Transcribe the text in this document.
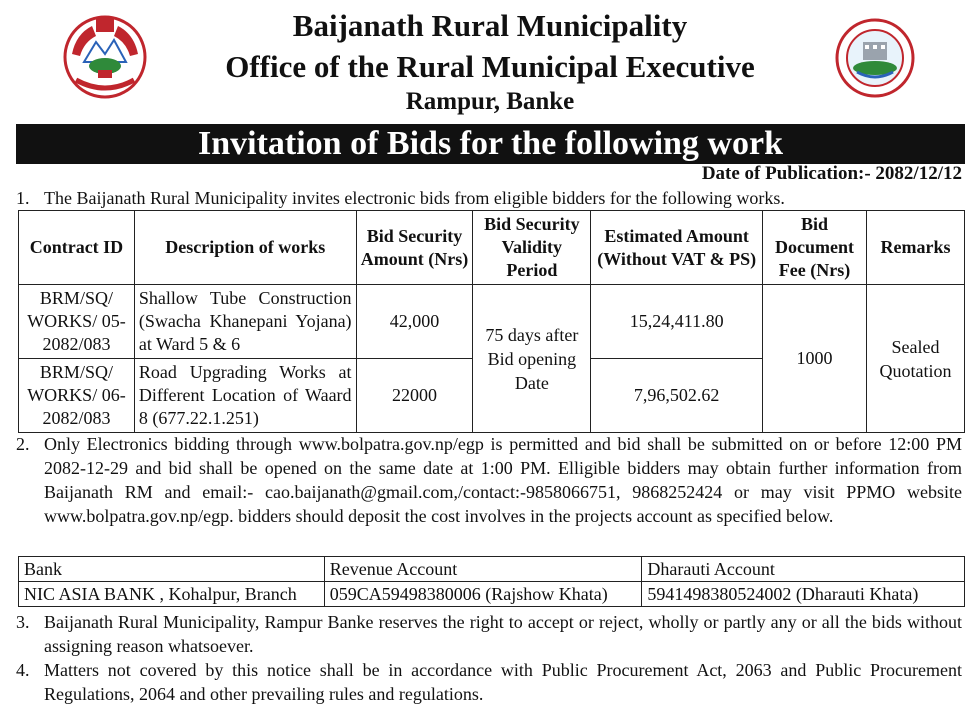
Baijanath Rural Municipality
Office of the Rural Municipal Executive
Rampur, Banke
Invitation of Bids for the following work
Date of Publication:- 2082/12/12
1. The Baijanath Rural Municipality invites electronic bids from eligible bidders for the following works.
Contract ID	Description of works	Bid Security Amount (Nrs)	Bid Security Validity Period	Estimated Amount (Without VAT & PS)	Bid Document Fee (Nrs)	Remarks
BRM/SQ/ WORKS/ 05-2082/083	Shallow Tube Construction (Swacha Khanepani Yojana) at Ward 5 & 6	42,000	75 days after Bid opening Date	15,24,411.80	1000	Sealed Quotation
BRM/SQ/ WORKS/ 06-2082/083	Road Upgrading Works at Different Location of Waard 8 (677.22.1.251)	22000		7,96,502.62		
2. Only Electronics bidding through www.bolpatra.gov.np/egp is permitted and bid shall be submitted on or before 12:00 PM 2082-12-29 and bid shall be opened on the same date at 1:00 PM. Elligible bidders may obtain further information from Baijanath RM and email:- cao.baijanath@gmail.com,/contact:-9858066751, 9868252424 or may visit PPMO website www.bolpatra.gov.np/egp. bidders should deposit the cost involves in the projects account as specified below.
Bank	Revenue Account	Dharauti Account
NIC ASIA BANK , Kohalpur, Branch	059CA59498380006 (Rajshow Khata)	5941498380524002 (Dharauti Khata)
3. Baijanath Rural Municipality, Rampur Banke reserves the right to accept or reject, wholly or partly any or all the bids without assigning reason whatsoever.
4. Matters not covered by this notice shall be in accordance with Public Procurement Act, 2063 and Public Procurement Regulations, 2064 and other prevailing rules and regulations.
